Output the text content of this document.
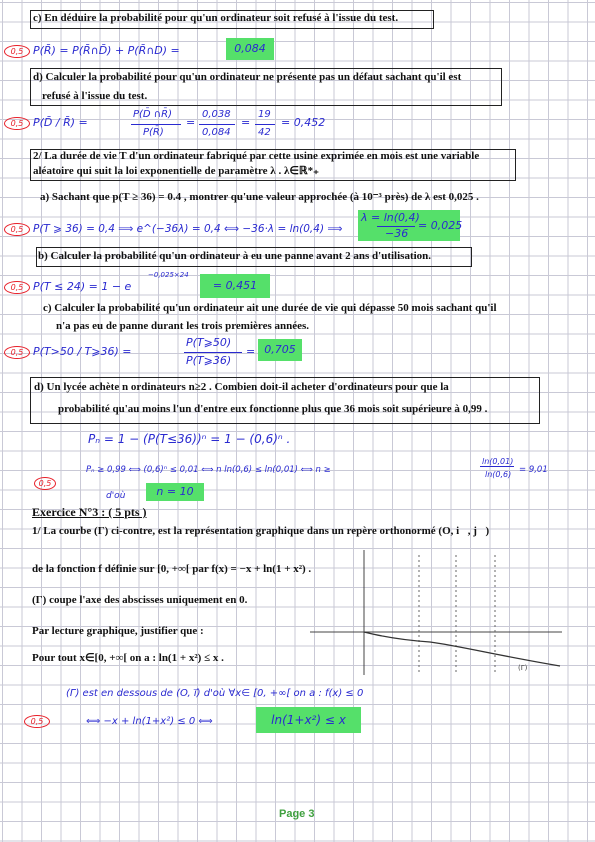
c) En déduire la probabilité pour qu'un ordinateur soit refusé à l'issue du test.
0,5 P(R̄) = P(R̄∩D̄) + P(R̄∩D) =	0,084
d) Calculer la probabilité pour qu'un ordinateur ne présente pas un défaut sachant qu'il est
refusé à l'issue du test.
0,5 P(D̄ / R̄) =
P(D̄ ∩R̄)
P(R̄)
=
0,038
0,084
=
19
42
= 0,452
2/ La durée de vie T d'un ordinateur fabriqué par cette usine exprimée en mois est une variable
aléatoire qui suit la loi exponentielle de paramètre λ . λ∈ℝ*₊
a) Sachant que p(T ≥ 36) = 0.4 , montrer qu'une valeur approchée (à 10⁻³ près) de λ est 0,025 .
0,5 P(T ⩾ 36) = 0,4 ⟹ e^(−36λ) = 0,4 ⟺ −36·λ = ln(0,4) ⟹
λ = ln(0,4)
−36
= 0,025
b) Calculer la probabilité qu'un ordinateur à eu une panne avant 2 ans d'utilisation.
0,5 P(T ≤ 24) = 1 − e
−0,025×24
= 0,451
c) Calculer la probabilité qu'un ordinateur ait une durée de vie qui dépasse 50 mois sachant qu'il
n'a pas eu de panne durant les trois premières années.
0,5 P(T>50 / T⩾36) =
P(T⩾50)
P(T⩾36)
= 0,705
d) Un lycée achète n ordinateurs n≥2 . Combien doit-il acheter d'ordinateurs pour que la
probabilité qu'au moins l'un d'entre eux fonctionne plus que 36 mois soit supérieure à 0,99 .
Pₙ = 1 − (P(T≤36))ⁿ = 1 − (0,6)ⁿ .
Pₙ ≥ 0,99 ⟺ (0,6)ⁿ ≤ 0,01 ⟺ n ln(0,6) ≤ ln(0,01) ⟺ n ≥
ln(0,01)
ln(0,6) = 9,01
0,5
d'où	n = 10
Exercice N°3 : ( 5 pts )
1/ La courbe (Γ) ci-contre, est la représentation graphique dans un repère orthonormé (O, i⃗, j⃗)
de la fonction f définie sur [0, +∞[ par f(x) = −x + ln(1 + x²) .
(Γ) coupe l'axe des abscisses uniquement en 0.
Par lecture graphique, justifier que :
Pour tout x∈[0, +∞[ on a : ln(1 + x²) ≤ x .
(Γ)
(Γ) est en dessous de (O, i⃗) d'où ∀x∈ [0, +∞[ on a : f(x) ≤ 0
0,5	⟺ −x + ln(1+x²) ≤ 0 ⟺	ln(1+x²) ≤ x
Page 3
